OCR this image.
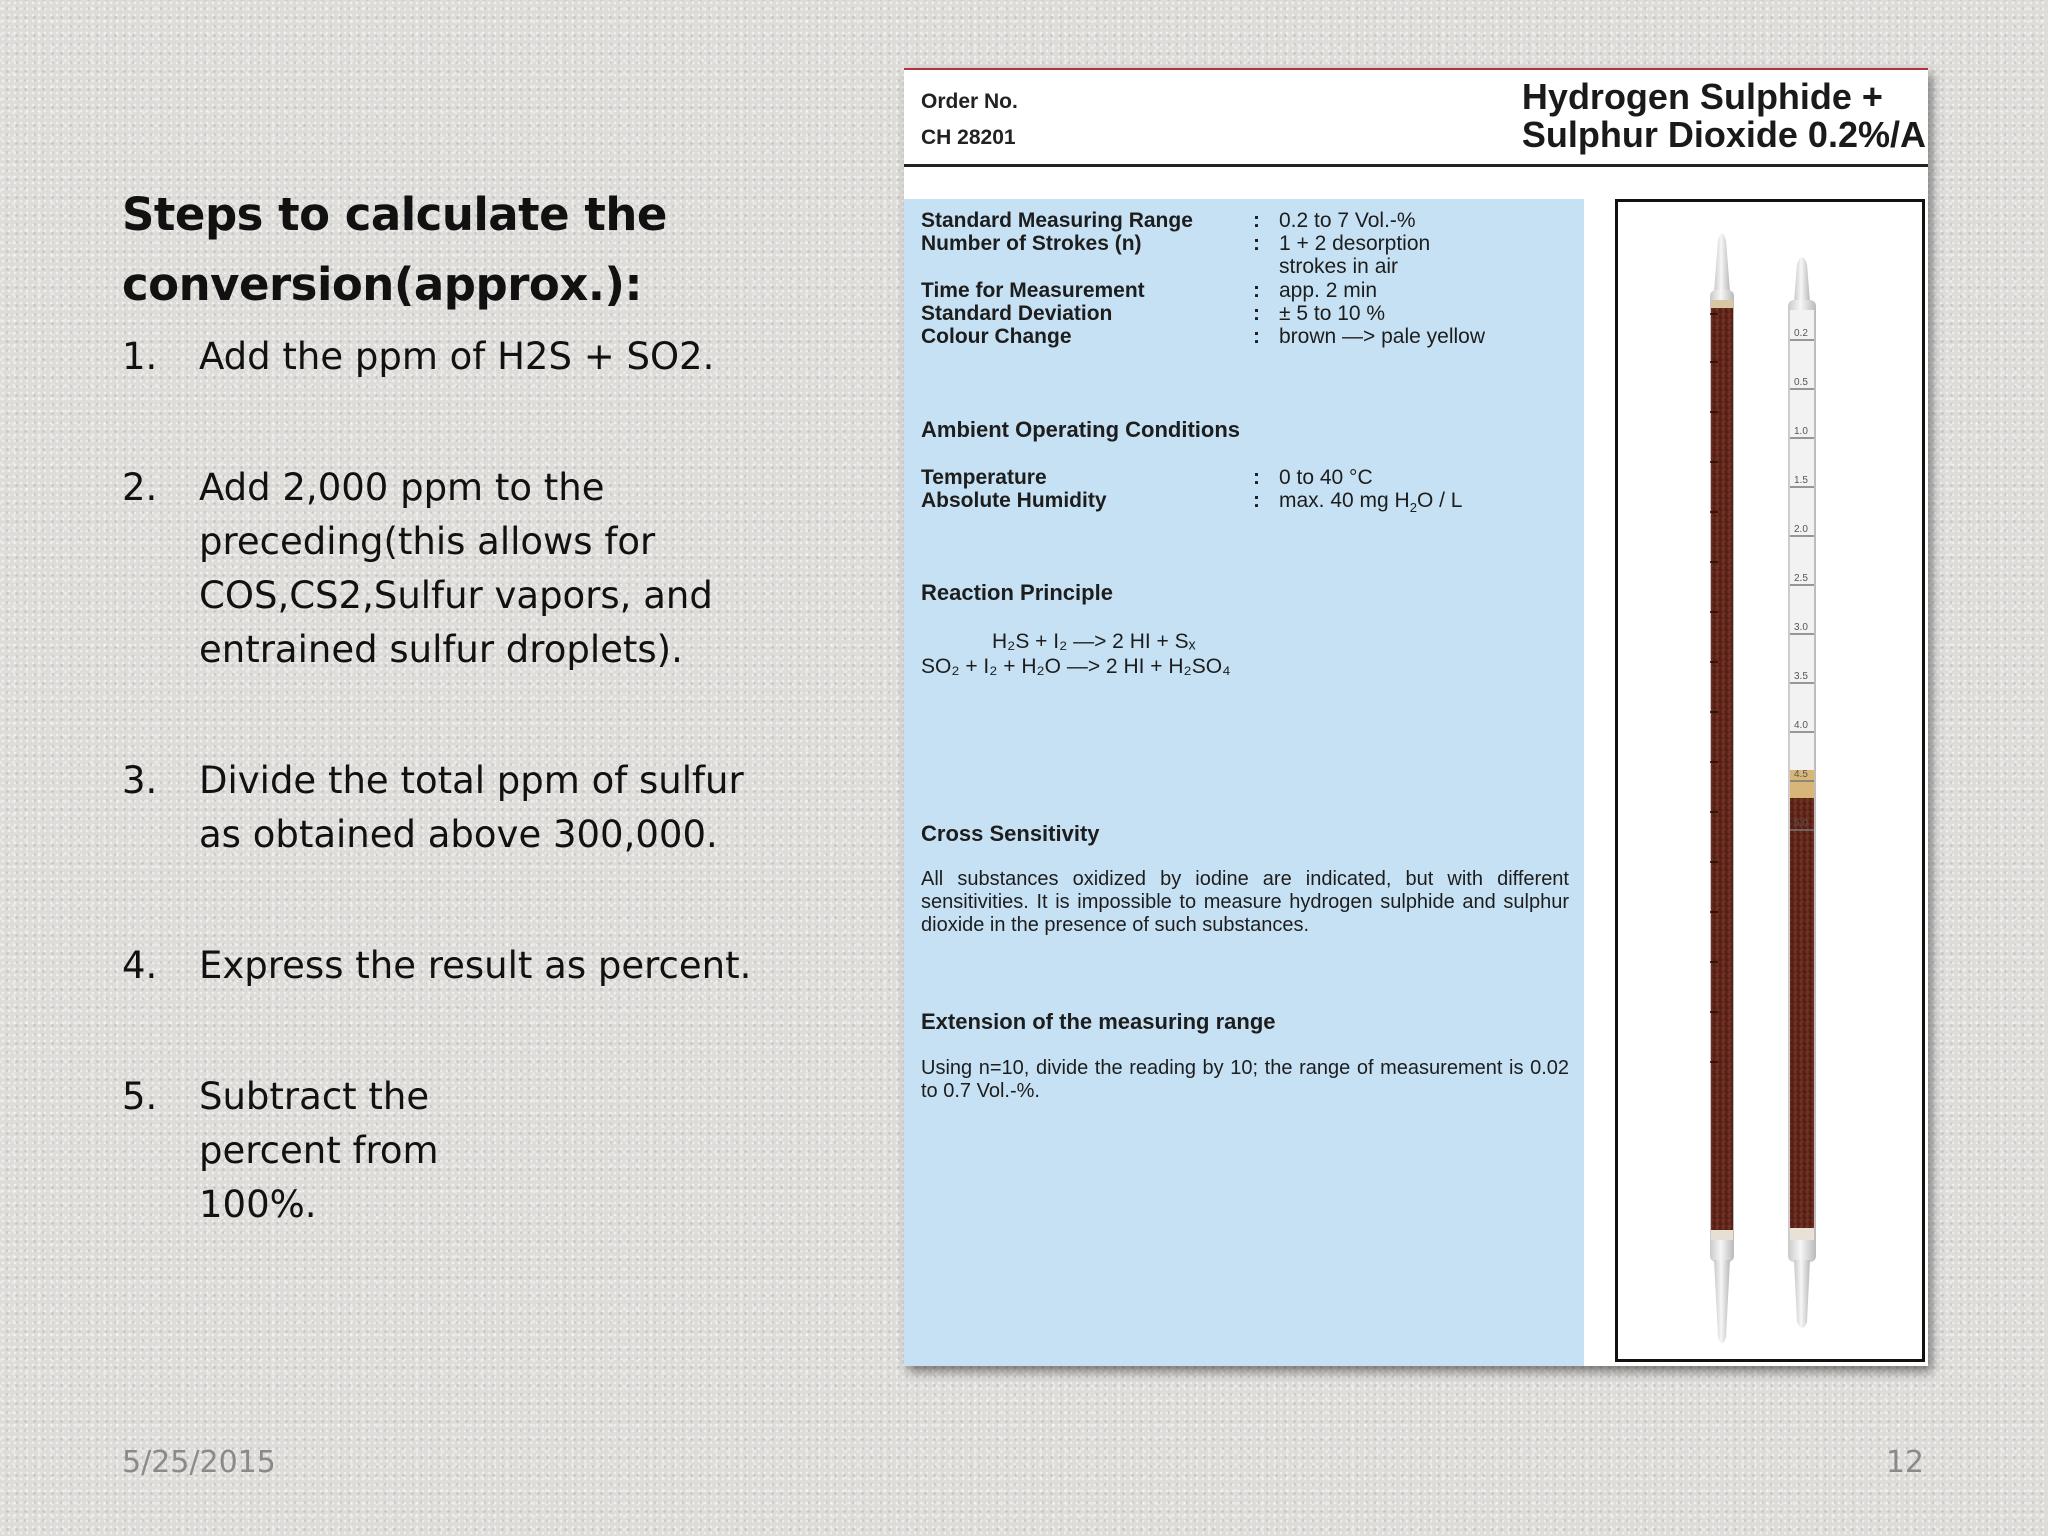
Steps to calculate the conversion(approx.):
1.	Add the ppm of H2S + SO2.
2.	Add 2,000 ppm to the preceding(this allows for COS,CS2,Sulfur vapors, and entrained sulfur droplets).
3.	Divide the total ppm of sulfur as obtained above 300,000.
4.	Express the result as percent.
5.	Subtract the percent from 100%.
5/25/2015	12
Order No.
CH 28201
Hydrogen Sulphide +
Sulphur Dioxide 0.2%/A
Standard Measuring Range	: 0.2 to 7 Vol.-%
Number of Strokes (n)	: 1 + 2 desorption
strokes in air
Time for Measurement	: app. 2 min
Standard Deviation	: ± 5 to 10 %
Colour Change	: brown —> pale yellow
Ambient Operating Conditions
Temperature	: 0 to 40 °C
Absolute Humidity	: max. 40 mg $H_2O$ / L
Reaction Principle
H₂S + I₂ —> 2 HI + Sₓ
SO₂ + I₂ + H₂O —> 2 HI + H₂SO₄
Cross Sensitivity
All substances oxidized by iodine are indicated, but with different sensitivities. It is impossible to measure hydrogen sulphide and sulphur dioxide in the presence of such substances.
Extension of the measuring range
Using n=10, divide the reading by 10; the range of measurement is 0.02 to 0.7 Vol.-%.
0.2
0.5
1.0
1.5
2.0
2.5
3.0
3.5
4.0
4.5
5.0
